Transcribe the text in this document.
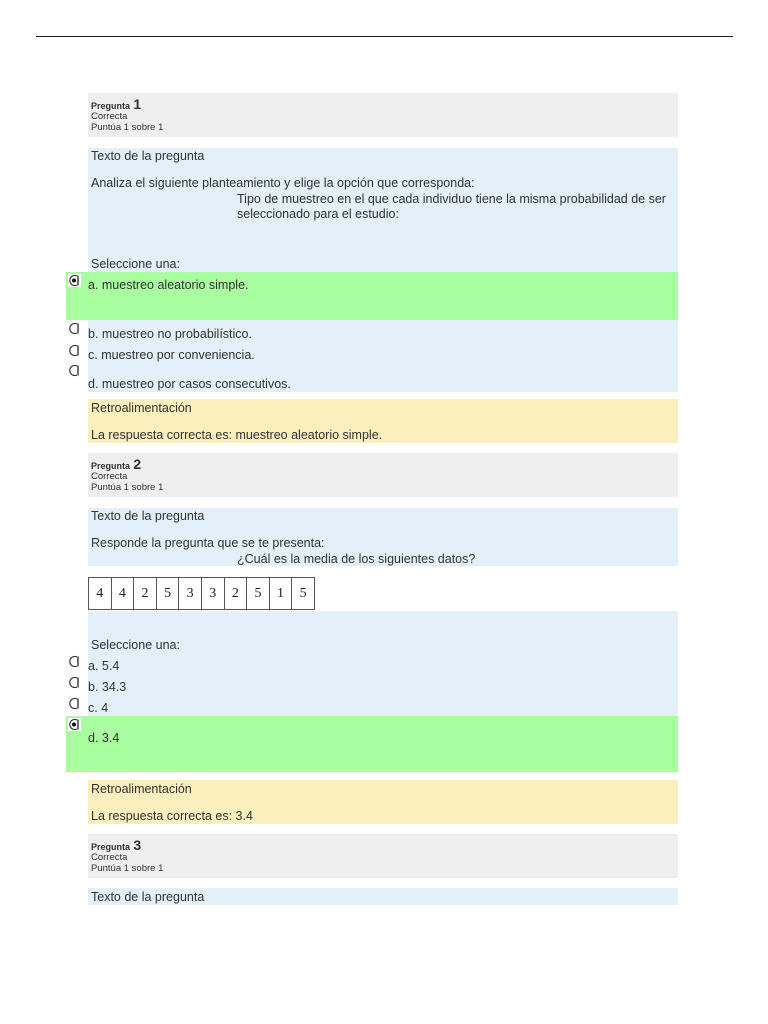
Pregunta 1
Correcta
Puntúa 1 sobre 1
Texto de la pregunta
Analiza el siguiente planteamiento y elige la opción que corresponda:
Tipo de muestreo en el que cada individuo tiene la misma probabilidad de ser seleccionado para el estudio:
Seleccione una:
a. muestreo aleatorio simple.
b. muestreo no probabilístico.
c. muestreo por conveniencia.
d. muestreo por casos consecutivos.
Retroalimentación
La respuesta correcta es: muestreo aleatorio simple.
Pregunta 2
Correcta
Puntúa 1 sobre 1
Texto de la pregunta
Responde la pregunta que se te presenta:
¿Cuál es la media de los siguientes datos?
4	4	2	5	3	3	2	5	1	5
Seleccione una:
a. 5.4
b. 34.3
c. 4
d. 3.4
Retroalimentación
La respuesta correcta es: 3.4
Pregunta 3
Correcta
Puntúa 1 sobre 1
Texto de la pregunta
